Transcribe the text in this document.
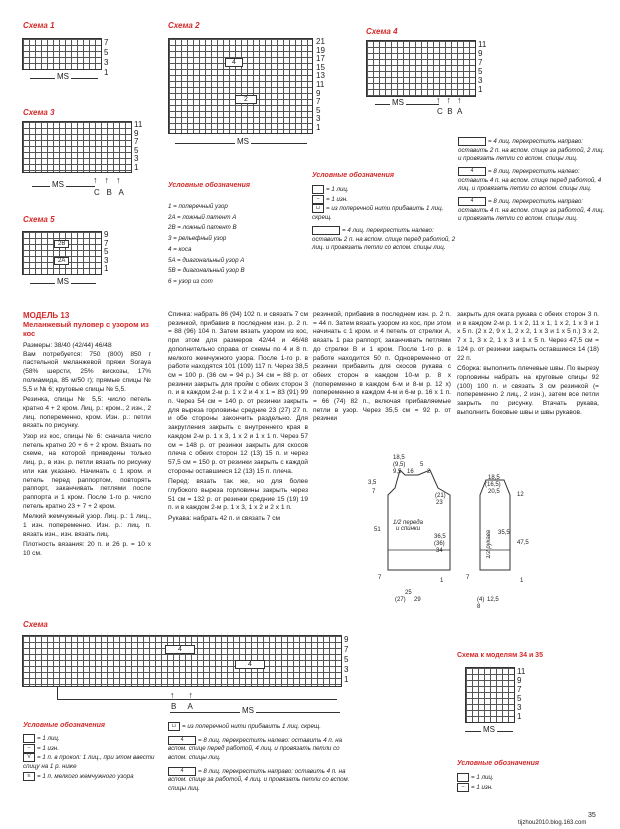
Схема 1
7
5
3
1
MS
Схема 2
4
2
21
19
17
15
13
11
9
7
5
3
1
MS
Схема 4
11
9
7
5
3
1
MS	↑↑↑
C B A
Схема 3
11
9
7
5
3
1
MS	↑↑↑
C B A
Схема 5
2B
2A
9
7
5
3
1
MS
Условные обозначения
1 = поперечный узор
2A = ложный патент A
2B = ложный патент B
3 = рельефный узор
4 = коса
5A = диагональный узор A
5B = диагональный узор B
6 = узор из сот
Условные обозначения
= 1 лиц.
– = 1 изн.
⊔ = из поперечной нити прибавить 1 лиц. скрещ.
= 4 лиц. перекрестить налево: оставить 2 п. на вспом. спице перед работой, 2 лиц. и провязать петли со вспом. спицы лиц.
= 4 лиц. перекрестить направо: оставить 2 п. на вспом. спице за работой, 2 лиц. и провязать петли со вспом. спицы лиц.
4 = 8 лиц. перекрестить налево: оставить 4 п. на вспом. спице перед работой, 4 лиц. и провязать петли со вспом. спицы лиц.
4 = 8 лиц. перекрестить направо: оставить 4 п. на вспом. спице за работой, 4 лиц. и провязать петли со вспом. спицы лиц.
МОДЕЛЬ 13
Меланжевый пуловер с узором из кос
Размеры: 38/40 (42/44) 46/48
Вам потребуется: 750 (800) 850 г пастельной меланжевой пряжи Soraya (58% шерсти, 25% вискозы, 17% полиамида, 85 м/50 г); прямые спицы № 5,5 и № 6; круговые спицы № 5,5.
Резинка, спицы № 5,5: число петель кратно 4 + 2 кром. Лиц. р.: кром., 2 изн., 2 лиц. попеременно, кром. Изн. р.: петли вязать по рисунку.
Узор из кос, спицы № 6: сначала число петель кратно 20 + 6 + 2 кром. Вязать по схеме, на которой приведены только лиц. р., в изн. р. петли вязать по рисунку или как указано. Начинать с 1 кром. и петель перед раппортом, повторять раппорт, заканчивать петлями после раппорта и 1 кром. После 1-го р. число петель кратно 23 + 7 + 2 кром.
Мелкий жемчужный узор. Лиц. р.: 1 лиц., 1 изн. попеременно. Изн. р.: лиц. п. вязать изн., изн. вязать лиц.
Плотность вязания: 20 п. и 26 р. = 10 х 10 см.
Спинка: набрать 86 (94) 102 п. и связать 7 см резинкой, прибавив в последнем изн. р. 2 п. = 88 (96) 104 п. Затем вязать узором из кос, при этом для размеров 42/44 и 46/48 дополнительно справа от схемы по 4 и 8 п. мелкого жемчужного узора. После 1-го р. в работе находятся 101 (109) 117 п. Через 38,5 см = 100 р. (36 см = 94 р.) 34 см = 88 р. от резинки закрыть для пройм с обеих сторон 3 п. и в каждом 2-м р. 1 х 2 и 4 х 1 = 83 (91) 99 п. Через 54 см = 140 р. от резинки закрыть для выреза горловины средние 23 (27) 27 п. и обе стороны закончить раздельно. Для закругления закрыть с внутреннего края в каждом 2-м р. 1 х 3, 1 х 2 и 1 х 1 п. Через 57 см = 148 р. от резинки закрыть для скосов плеча с обеих сторон 12 (13) 15 п. и через 57,5 см = 150 р. от резинки закрыть с каждой стороны оставшиеся 12 (13) 15 п. плеча.
Перед: вязать так же, но для более глубокого выреза горловины закрыть через 51 см = 132 р. от резинки средние 15 (19) 19 п. и в каждом 2-м р. 1 х 3, 1 х 2 и 2 х 1 п.
Рукава: набрать 42 п. и связать 7 см
резинкой, прибавив в последнем изн. р. 2 п. = 44 п. Затем вязать узором из кос, при этом начинать с 1 кром. и 4 петель от стрелки А, вязать 1 раз раппорт, заканчивать петлями до стрелки В и 1 кром. После 1-го р. в работе находится 50 п. Одновременно от резинки прибавить для скосов рукава с обеих сторон в каждом 10-м р. 8 х (попеременно в каждом 6-м и 8-м р. 12 х) попеременно в каждом 4-м и 6-м р. 16 х 1 п. = 66 (74) 82 п., включая прибавляемые петли в узор. Через 35,5 см = 92 р. от резинки
закрыть для оката рукава с обеих сторон 3 п. и в каждом 2-м р. 1 х 2, 11 х 1, 1 х 2, 1 х 3 и 1 х 5 п. (2 х 2, 9 х 1, 2 х 2, 1 х 3 и 1 х 5 п.) 3 х 2, 7 х 1, 3 х 2, 1 х 3 и 1 х 5 п. Через 47,5 см = 124 р. от резинки закрыть оставшиеся 14 (18) 22 п.
Сборка: выполнить плечевые швы. По вырезу горловины набрать на круговые спицы 92 (100) 100 п. и связать 3 см резинкой (= попеременно 2 лиц., 2 изн.), затем все петли закрыть по рисунку. Втачать рукава, выполнить боковые швы и швы рукавов.
1/2 переда и спинки
1/2 рукава
3,5
7
18,5
(9,5)
9,5 16
5
2
(21)
23
36,5
(36)
34
51
7
25
(27) 29
1
18,5
(16,5)
20,5	12
47,5
35,5
7
(4)
8
12,5
1
Схема
4
4
9
7
5
3
1
↑↑
B A	MS
Условные обозначения
= 1 лиц.
– = 1 изн.
V = 1 п. в прокол: 1 лиц., при этом ввести спицу на 1 р. ниже
≡ = 1 п. мелкого жемчужного узора
⊔ = из поперечной нити прибавить 1 лиц. скрещ.
4 = 8 лиц. перекрестить налево: оставить 4 п. на вспом. спице перед работой, 4 лиц. и провязать петли со вспом. спицы лиц.
4 = 8 лиц. перекрестить направо: оставить 4 п. на вспом. спице за работой, 4 лиц. и провязать петли со вспом. спицы лиц.
Схема к моделям 34 и 35
11
9
7
5
3
1
MS
Условные обозначения
= 1 лиц.
– = 1 изн.
35
tijzhou2010.blog.163.com
